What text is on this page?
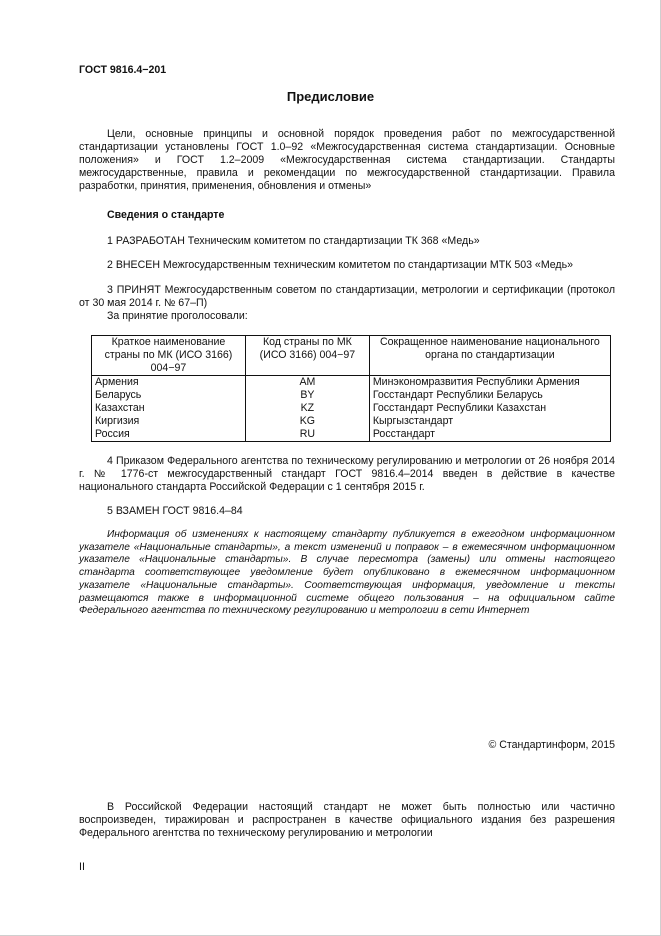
ГОСТ 9816.4−201
Предисловие
Цели, основные принципы и основной порядок проведения работ по межгосударственной стандартизации установлены ГОСТ 1.0–92 «Межгосударственная система стандартизации. Основные положения» и ГОСТ 1.2–2009 «Межгосударственная система стандартизации. Стандарты межгосударственные, правила и рекомендации по межгосударственной стандартизации. Правила разработки, принятия, применения, обновления и отмены»
Сведения о стандарте
1 РАЗРАБОТАН Техническим комитетом по стандартизации ТК 368 «Медь»
2 ВНЕСЕН Межгосударственным техническим комитетом по стандартизации МТК 503 «Медь»
3 ПРИНЯТ Межгосударственным советом по стандартизации, метрологии и сертификации (протокол от 30 мая 2014 г. № 67–П)
За принятие проголосовали:
Краткое наименование страны по МК (ИСО 3166) 004−97	Код страны по МК (ИСО 3166) 004−97	Сокращенное наименование национального органа по стандартизации
Армения	AM	Минэкономразвития Республики Армения
Беларусь	BY	Госстандарт Республики Беларусь
Казахстан	KZ	Госстандарт Республики Казахстан
Киргизия	KG	Кыргызстандарт
Россия	RU	Росстандарт
4 Приказом Федерального агентства по техническому регулированию и метрологии от 26 ноября 2014 г. № 1776-ст межгосударственный стандарт ГОСТ 9816.4–2014 введен в действие в качестве национального стандарта Российской Федерации с 1 сентября 2015 г.
5 ВЗАМЕН ГОСТ 9816.4–84
Информация об изменениях к настоящему стандарту публикуется в ежегодном информационном указателе «Национальные стандарты», а текст изменений и поправок – в ежемесячном информационном указателе «Национальные стандарты». В случае пересмотра (замены) или отмены настоящего стандарта соответствующее уведомление будет опубликовано в ежемесячном информационном указателе «Национальные стандарты». Соответствующая информация, уведомление и тексты размещаются также в информационной системе общего пользования – на официальном сайте Федерального агентства по техническому регулированию и метрологии в сети Интернет
© Стандартинформ, 2015
В Российской Федерации настоящий стандарт не может быть полностью или частично воспроизведен, тиражирован и распространен в качестве официального издания без разрешения Федерального агентства по техническому регулированию и метрологии
II
